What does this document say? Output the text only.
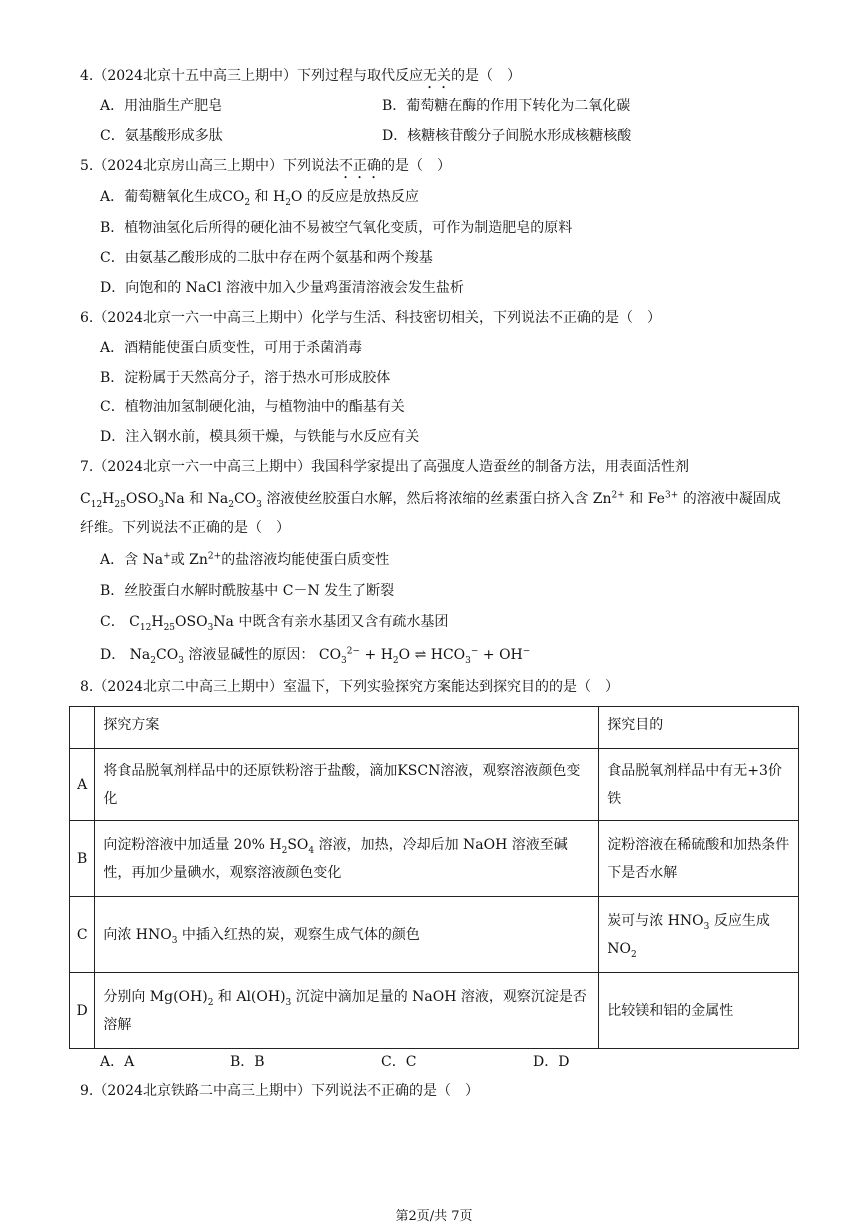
4.（2024北京十五中高三上期中）下列过程与取代反应无关的是（　）
A．用油脂生产肥皂	B．葡萄糖在酶的作用下转化为二氧化碳
C．氨基酸形成多肽	D．核糖核苷酸分子间脱水形成核糖核酸
5.（2024北京房山高三上期中）下列说法不正确的是（　）
A．葡萄糖氧化生成$CO_2$ 和 $H_2O$ 的反应是放热反应
B．植物油氢化后所得的硬化油不易被空气氧化变质，可作为制造肥皂的原料
C．由氨基乙酸形成的二肽中存在两个氨基和两个羧基
D．向饱和的 NaCl 溶液中加入少量鸡蛋清溶液会发生盐析
6.（2024北京一六一中高三上期中）化学与生活、科技密切相关，下列说法不正确的是（　）
A．酒精能使蛋白质变性，可用于杀菌消毒
B．淀粉属于天然高分子，溶于热水可形成胶体
C．植物油加氢制硬化油，与植物油中的酯基有关
D．注入钢水前，模具须干燥，与铁能与水反应有关
7.（2024北京一六一中高三上期中）我国科学家提出了高强度人造蚕丝的制备方法，用表面活性剂
$C_{12}H_{25}OSO_3Na$ 和 $Na_2CO_3$ 溶液使丝胶蛋白水解，然后将浓缩的丝素蛋白挤入含 $Zn^{2+}$ 和 $Fe^{3+}$ 的溶液中凝固成
纤维。下列说法不正确的是（　）
A．含 Na+或 $Zn^{2+}$的盐溶液均能使蛋白质变性
B．丝胶蛋白水解时酰胺基中 C－N 发生了断裂
C． $C_{12}H_{25}OSO_3Na$ 中既含有亲水基团又含有疏水基团
D． $Na_2CO_3$ 溶液显碱性的原因： $CO_3^{2-} + H_2O$ ⇌ $HCO_3^- + OH^-$
8.（2024北京二中高三上期中）室温下，下列实验探究方案能达到探究目的的是（　）
	探究方案	探究目的
A	将食品脱氧剂样品中的还原铁粉溶于盐酸，滴加KSCN溶液，观察溶液颜色变化	食品脱氧剂样品中有无+3价铁
B	向淀粉溶液中加适量 20% $H_2SO_4$ 溶液，加热，冷却后加 NaOH 溶液至碱性，再加少量碘水，观察溶液颜色变化	淀粉溶液在稀硫酸和加热条件下是否水解
C	向浓 $HNO_3$ 中插入红热的炭，观察生成气体的颜色	炭可与浓 $HNO_3$ 反应生成
$NO_2$
D	分别向 $Mg(OH)_2$ 和 $Al(OH)_3$ 沉淀中滴加足量的 NaOH 溶液，观察沉淀是否溶解	比较镁和铝的金属性
A．A	B．B	C．C	D．D
9.（2024北京铁路二中高三上期中）下列说法不正确的是（　）
第2页/共 7页
